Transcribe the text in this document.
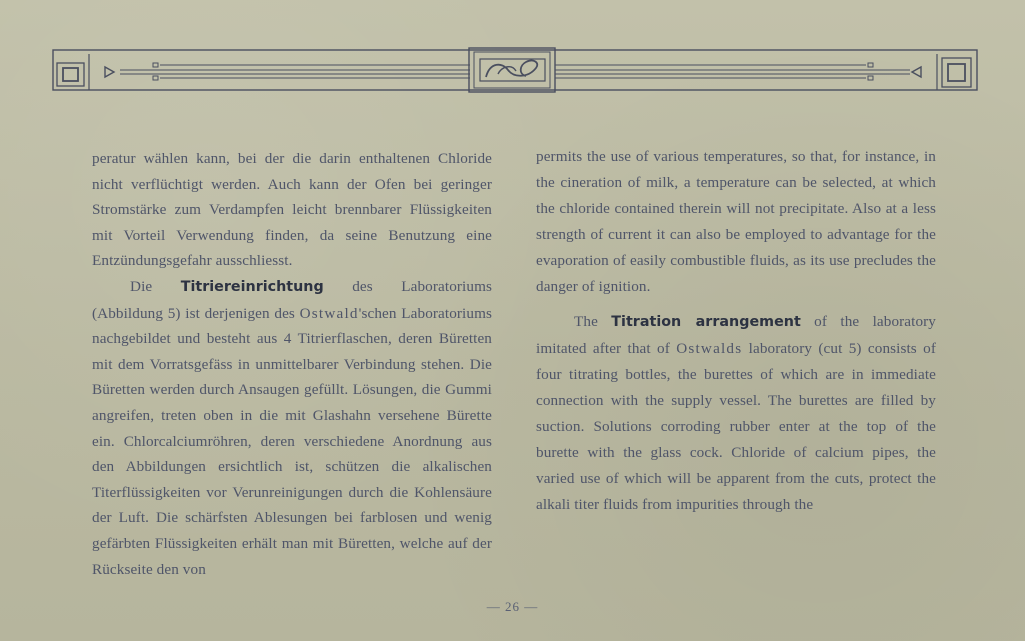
peratur wählen kann, bei der die darin enthaltenen Chloride nicht verflüchtigt werden. Auch kann der Ofen bei geringer Stromstärke zum Verdampfen leicht brennbarer Flüssigkeiten mit Vorteil Verwendung finden, da seine Benutzung eine Entzündungsgefahr ausschliesst.

Die Titriereinrichtung des Laboratoriums (Abbildung 5) ist derjenigen des Ostwald'schen Laboratoriums nachgebildet und besteht aus 4 Titrierflaschen, deren Büretten mit dem Vorratsgefäss in unmittelbarer Verbindung stehen. Die Büretten werden durch Ansaugen gefüllt. Lösungen, die Gummi angreifen, treten oben in die mit Glashahn versehene Bürette ein. Chlorcalciumröhren, deren verschiedene Anordnung aus den Abbildungen ersichtlich ist, schützen die alkalischen Titerflüssigkeiten vor Verunreinigungen durch die Kohlensäure der Luft. Die schärfsten Ablesungen bei farblosen und wenig gefärbten Flüssigkeiten erhält man mit Büretten, welche auf der Rückseite den von

permits the use of various temperatures, so that, for instance, in the cineration of milk, a temperature can be selected, at which the chloride contained therein will not precipitate. Also at a less strength of current it can also be employed to advantage for the evaporation of easily combustible fluids, as its use precludes the danger of ignition.

The Titration arrangement of the laboratory imitated after that of Ostwalds laboratory (cut 5) consists of four titrating bottles, the burettes of which are in immediate connection with the supply vessel. The burettes are filled by suction. Solutions corroding rubber enter at the top of the burette with the glass cock. Chloride of calcium pipes, the varied use of which will be apparent from the cuts, protect the alkali titer fluids from impurities through the

— 26 —
